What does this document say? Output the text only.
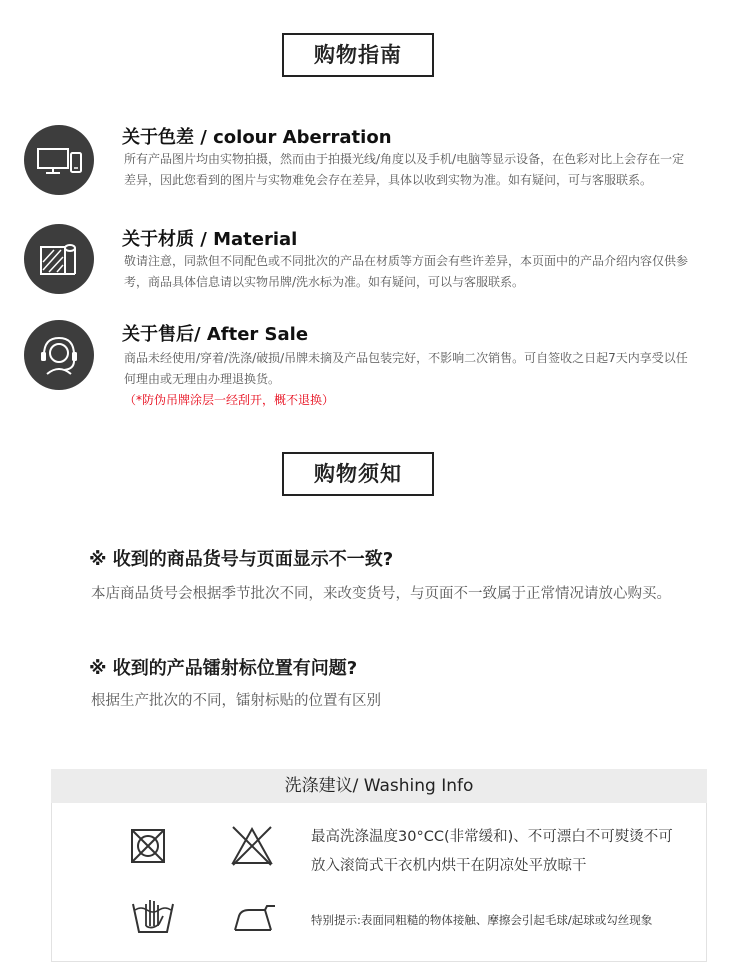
购物指南
关于色差 / colour Aberration
所有产品图片均由实物拍摄，然而由于拍摄光线/角度以及手机/电脑等显示设备，在色彩对比上会存在一定差异，因此您看到的图片与实物难免会存在差异，具体以收到实物为准。如有疑问，可与客服联系。
关于材质 / Material
敬请注意，同款但不同配色或不同批次的产品在材质等方面会有些许差异，本页面中的产品介绍内容仅供参考，商品具体信息请以实物吊牌/洗水标为准。如有疑问，可以与客服联系。
关于售后/ After Sale
商品未经使用/穿着/洗涤/破损/吊牌未摘及产品包装完好，不影响二次销售。可自签收之日起7天内享受以任何理由或无理由办理退换货。
（*防伪吊牌涂层一经刮开，概不退换）
购物须知
※ 收到的商品货号与页面显示不一致?
本店商品货号会根据季节批次不同，来改变货号，与页面不一致属于正常情况请放心购买。
※ 收到的产品镭射标位置有问题?
根据生产批次的不同，镭射标贴的位置有区别
洗涤建议/ Washing Info
最高洗涤温度30°CC(非常缓和)、不可漂白不可熨烫不可放入滚筒式干衣机内烘干在阴凉处平放晾干
特别提示:表面同粗糙的物体接触、摩擦会引起毛球/起球或勾丝现象
